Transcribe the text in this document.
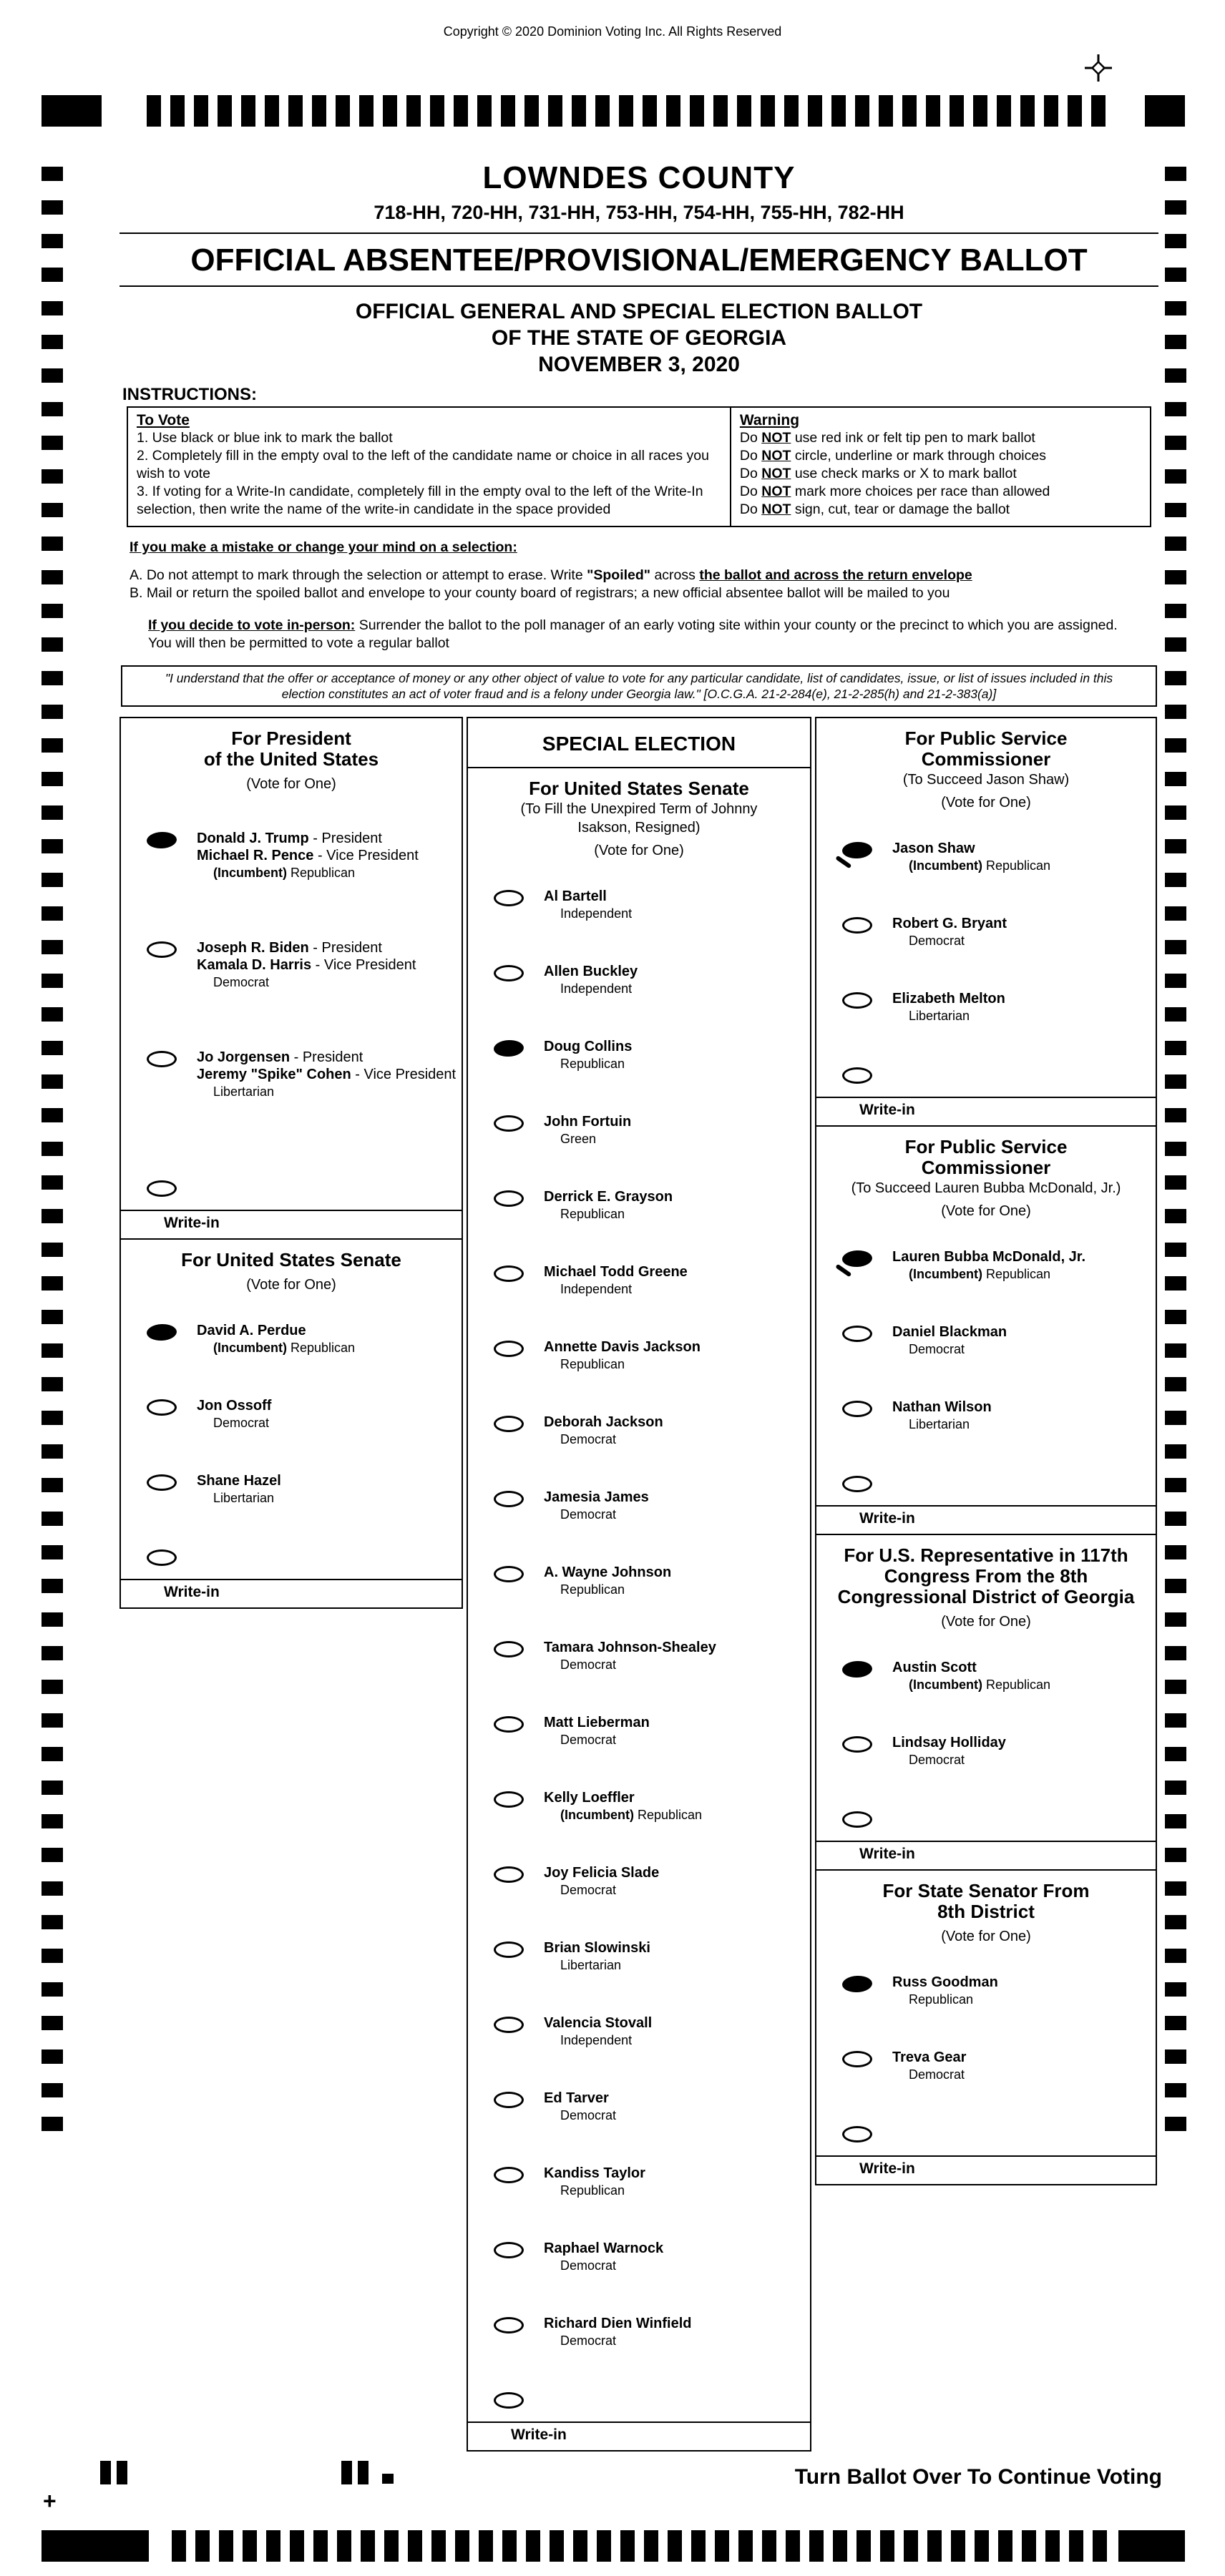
Copyright © 2020 Dominion Voting Inc. All Rights Reserved
LOWNDES COUNTY
718-HH, 720-HH, 731-HH, 753-HH, 754-HH, 755-HH, 782-HH
OFFICIAL ABSENTEE/PROVISIONAL/EMERGENCY BALLOT
OFFICIAL GENERAL AND SPECIAL ELECTION BALLOT
OF THE STATE OF GEORGIA
NOVEMBER 3, 2020
INSTRUCTIONS:
To Vote
1. Use black or blue ink to mark the ballot
2. Completely fill in the empty oval to the left of the candidate name or choice in all races you wish to vote
3. If voting for a Write-In candidate, completely fill in the empty oval to the left of the Write-In selection, then write the name of the write-in candidate in the space provided
Warning
Do NOT use red ink or felt tip pen to mark ballot
Do NOT circle, underline or mark through choices
Do NOT use check marks or X to mark ballot
Do NOT mark more choices per race than allowed
Do NOT sign, cut, tear or damage the ballot
If you make a mistake or change your mind on a selection:
A. Do not attempt to mark through the selection or attempt to erase. Write "Spoiled" across the ballot and across the return envelope
B. Mail or return the spoiled ballot and envelope to your county board of registrars; a new official absentee ballot will be mailed to you
If you decide to vote in-person: Surrender the ballot to the poll manager of an early voting site within your county or the precinct to which you are assigned. You will then be permitted to vote a regular ballot
"I understand that the offer or acceptance of money or any other object of value to vote for any particular candidate, list of candidates, issue, or list of issues included in this election constitutes an act of voter fraud and is a felony under Georgia law." [O.C.G.A. 21-2-284(e), 21-2-285(h) and 21-2-383(a)]
For President
of the United States
(Vote for One)
Donald J. Trump - President
Michael R. Pence - Vice President
(Incumbent) Republican
Joseph R. Biden - President
Kamala D. Harris - Vice President
Democrat
Jo Jorgensen - President
Jeremy "Spike" Cohen - Vice President
Libertarian
Write-in
For United States Senate
(Vote for One)
David A. Perdue
(Incumbent) Republican
Jon Ossoff
Democrat
Shane Hazel
Libertarian
Write-in
SPECIAL ELECTION
For United States Senate
(To Fill the Unexpired Term of Johnny
Isakson, Resigned)
(Vote for One)
Al Bartell
Independent
Allen Buckley
Independent
Doug Collins
Republican
John Fortuin
Green
Derrick E. Grayson
Republican
Michael Todd Greene
Independent
Annette Davis Jackson
Republican
Deborah Jackson
Democrat
Jamesia James
Democrat
A. Wayne Johnson
Republican
Tamara Johnson-Shealey
Democrat
Matt Lieberman
Democrat
Kelly Loeffler
(Incumbent) Republican
Joy Felicia Slade
Democrat
Brian Slowinski
Libertarian
Valencia Stovall
Independent
Ed Tarver
Democrat
Kandiss Taylor
Republican
Raphael Warnock
Democrat
Richard Dien Winfield
Democrat
Write-in
For Public Service
Commissioner
(To Succeed Jason Shaw)
(Vote for One)
Jason Shaw
(Incumbent) Republican
Robert G. Bryant
Democrat
Elizabeth Melton
Libertarian
Write-in
For Public Service
Commissioner
(To Succeed Lauren Bubba McDonald, Jr.)
(Vote for One)
Lauren Bubba McDonald, Jr.
(Incumbent) Republican
Daniel Blackman
Democrat
Nathan Wilson
Libertarian
Write-in
For U.S. Representative in 117th
Congress From the 8th
Congressional District of Georgia
(Vote for One)
Austin Scott
(Incumbent) Republican
Lindsay Holliday
Democrat
Write-in
For State Senator From
8th District
(Vote for One)
Russ Goodman
Republican
Treva Gear
Democrat
Write-in
+
Turn Ballot Over To Continue Voting
